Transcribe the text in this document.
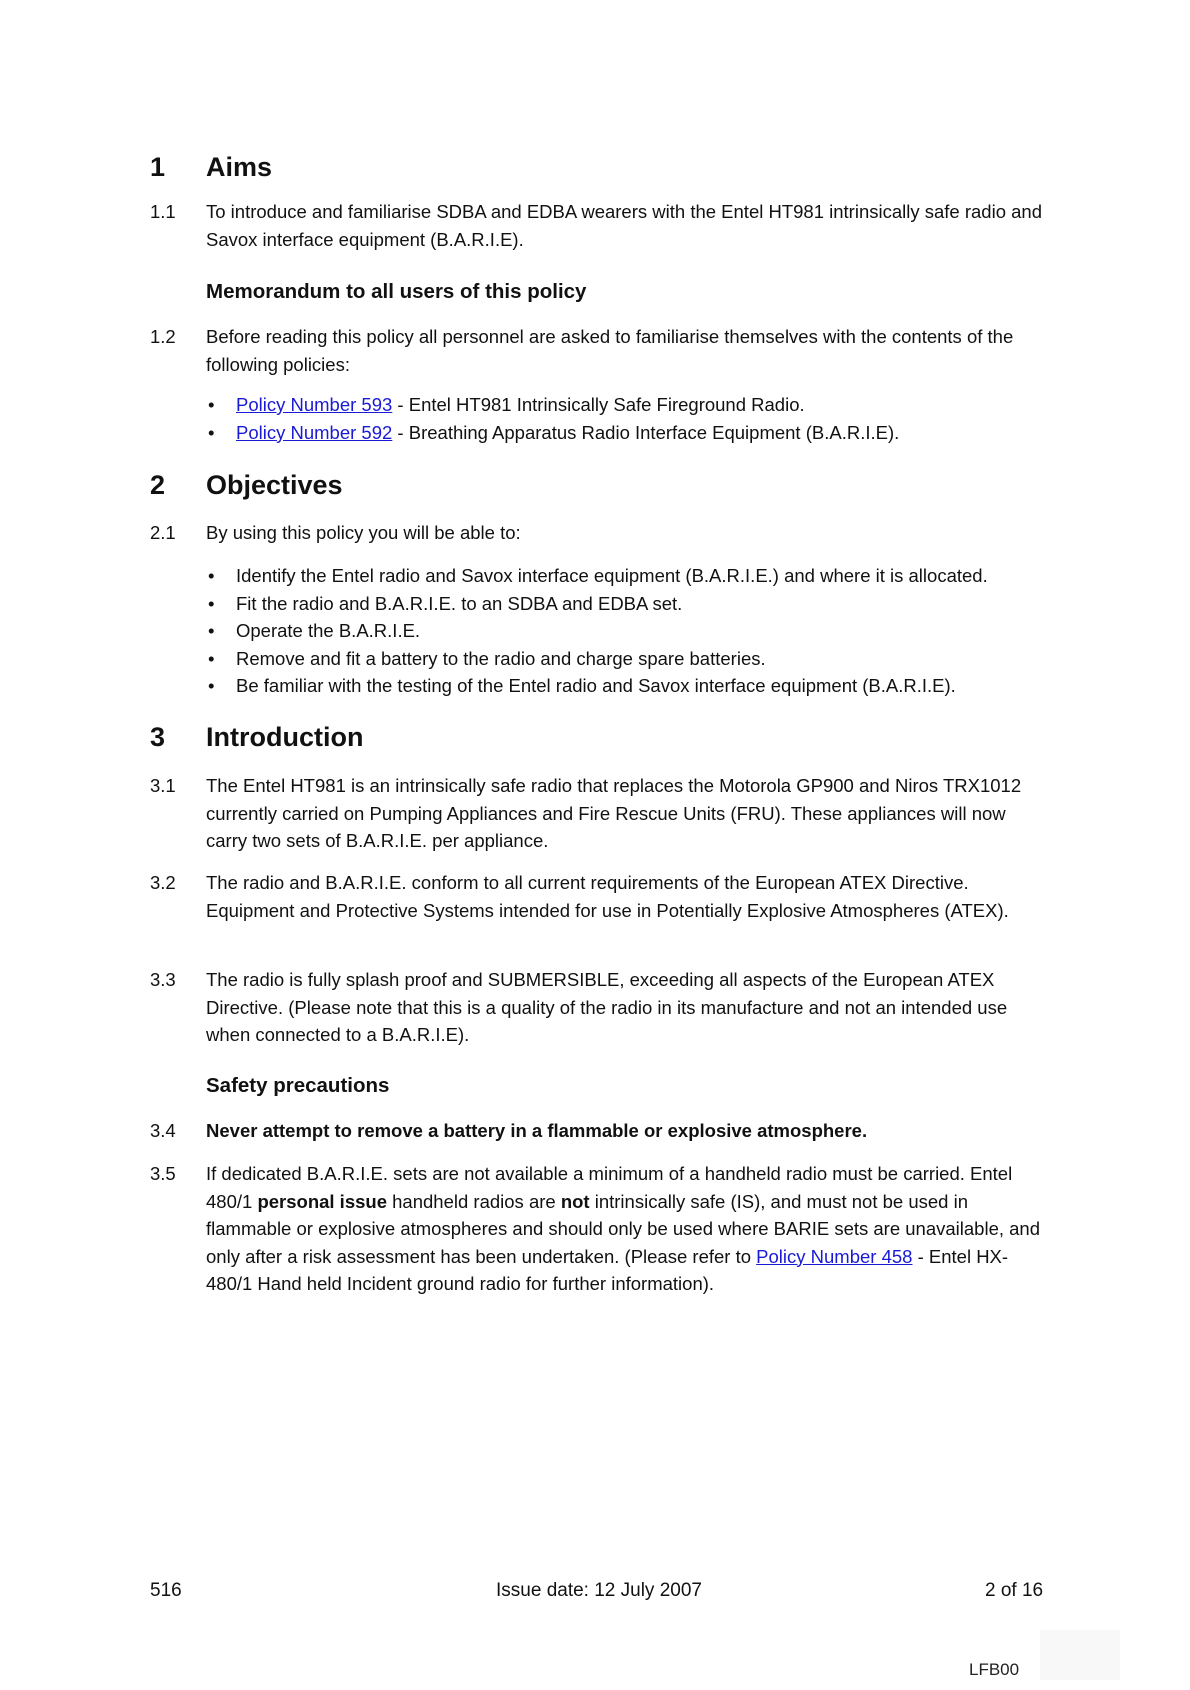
1	Aims
1.1	To introduce and familiarise SDBA and EDBA wearers with the Entel HT981 intrinsically safe radio and Savox interface equipment (B.A.R.I.E).
Memorandum to all users of this policy
1.2	Before reading this policy all personnel are asked to familiarise themselves with the contents of the following policies:
•	Policy Number 593 - Entel HT981 Intrinsically Safe Fireground Radio.
•	Policy Number 592 - Breathing Apparatus Radio Interface Equipment (B.A.R.I.E).
2	Objectives
2.1	By using this policy you will be able to:
•	Identify the Entel radio and Savox interface equipment (B.A.R.I.E.) and where it is allocated.
•	Fit the radio and B.A.R.I.E. to an SDBA and EDBA set.
•	Operate the B.A.R.I.E.
•	Remove and fit a battery to the radio and charge spare batteries.
•	Be familiar with the testing of the Entel radio and Savox interface equipment (B.A.R.I.E).
3	Introduction
3.1	The Entel HT981 is an intrinsically safe radio that replaces the Motorola GP900 and Niros TRX1012 currently carried on Pumping Appliances and Fire Rescue Units (FRU). These appliances will now carry two sets of B.A.R.I.E. per appliance.
3.2	The radio and B.A.R.I.E. conform to all current requirements of the European ATEX Directive. Equipment and Protective Systems intended for use in Potentially Explosive Atmospheres (ATEX).
3.3	The radio is fully splash proof and SUBMERSIBLE, exceeding all aspects of the European ATEX Directive. (Please note that this is a quality of the radio in its manufacture and not an intended use when connected to a B.A.R.I.E).
Safety precautions
3.4	Never attempt to remove a battery in a flammable or explosive atmosphere.
3.5	If dedicated B.A.R.I.E. sets are not available a minimum of a handheld radio must be carried. Entel 480/1 personal issue handheld radios are not intrinsically safe (IS), and must not be used in flammable or explosive atmospheres and should only be used where BARIE sets are unavailable, and only after a risk assessment has been undertaken. (Please refer to Policy Number 458 - Entel HX-480/1 Hand held Incident ground radio for further information).
516	Issue date: 12 July 2007	2 of 16
LFB00
